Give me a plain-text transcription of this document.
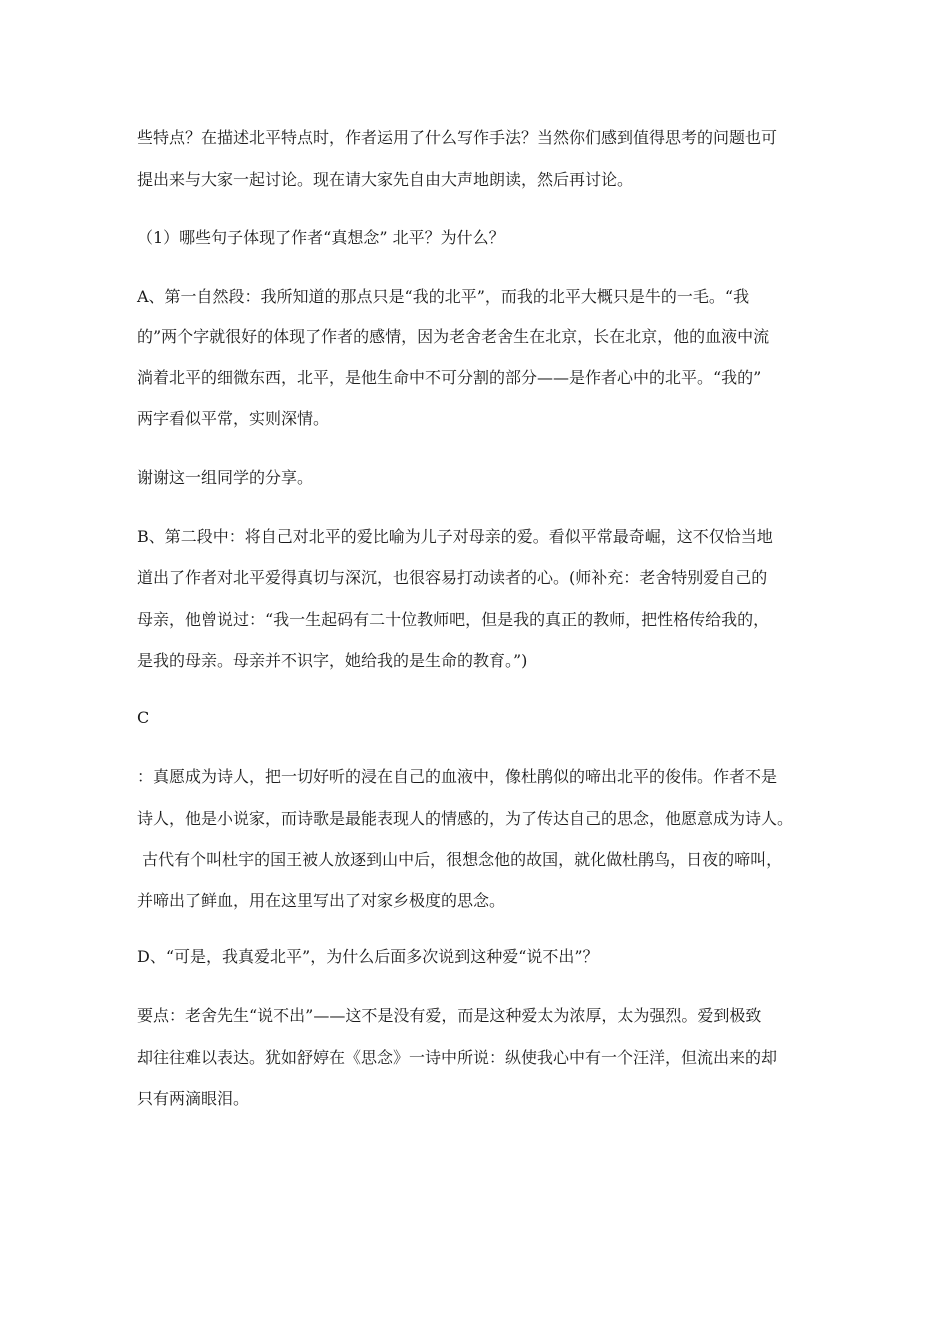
些特点？在描述北平特点时，作者运用了什么写作手法？当然你们感到值得思考的问题也可
提出来与大家一起讨论。现在请大家先自由大声地朗读，然后再讨论。
（1）哪些句子体现了作者“真想念” 北平？为什么？
A、第一自然段：我所知道的那点只是“我的北平”，而我的北平大概只是牛的一毛。“我
的”两个字就很好的体现了作者的感情，因为老舍老舍生在北京，长在北京，他的血液中流
淌着北平的细微东西，北平，是他生命中不可分割的部分——是作者心中的北平。“我的”
两字看似平常，实则深情。
谢谢这一组同学的分享。
B、第二段中：将自己对北平的爱比喻为儿子对母亲的爱。看似平常最奇崛，这不仅恰当地
道出了作者对北平爱得真切与深沉，也很容易打动读者的心。(师补充：老舍特别爱自己的
母亲，他曾说过：“我一生起码有二十位教师吧，但是我的真正的教师，把性格传给我的，
是我的母亲。母亲并不识字，她给我的是生命的教育。”)
C
：真愿成为诗人，把一切好听的浸在自己的血液中，像杜鹃似的啼出北平的俊伟。作者不是
诗人，他是小说家，而诗歌是最能表现人的情感的，为了传达自己的思念，他愿意成为诗人。
古代有个叫杜宇的国王被人放逐到山中后，很想念他的故国，就化做杜鹃鸟，日夜的啼叫，
并啼出了鲜血，用在这里写出了对家乡极度的思念。
D、“可是，我真爱北平”，为什么后面多次说到这种爱“说不出”？
要点：老舍先生“说不出”——这不是没有爱，而是这种爱太为浓厚，太为强烈。爱到极致
却往往难以表达。犹如舒婷在《思念》一诗中所说：纵使我心中有一个汪洋，但流出来的却
只有两滴眼泪。
